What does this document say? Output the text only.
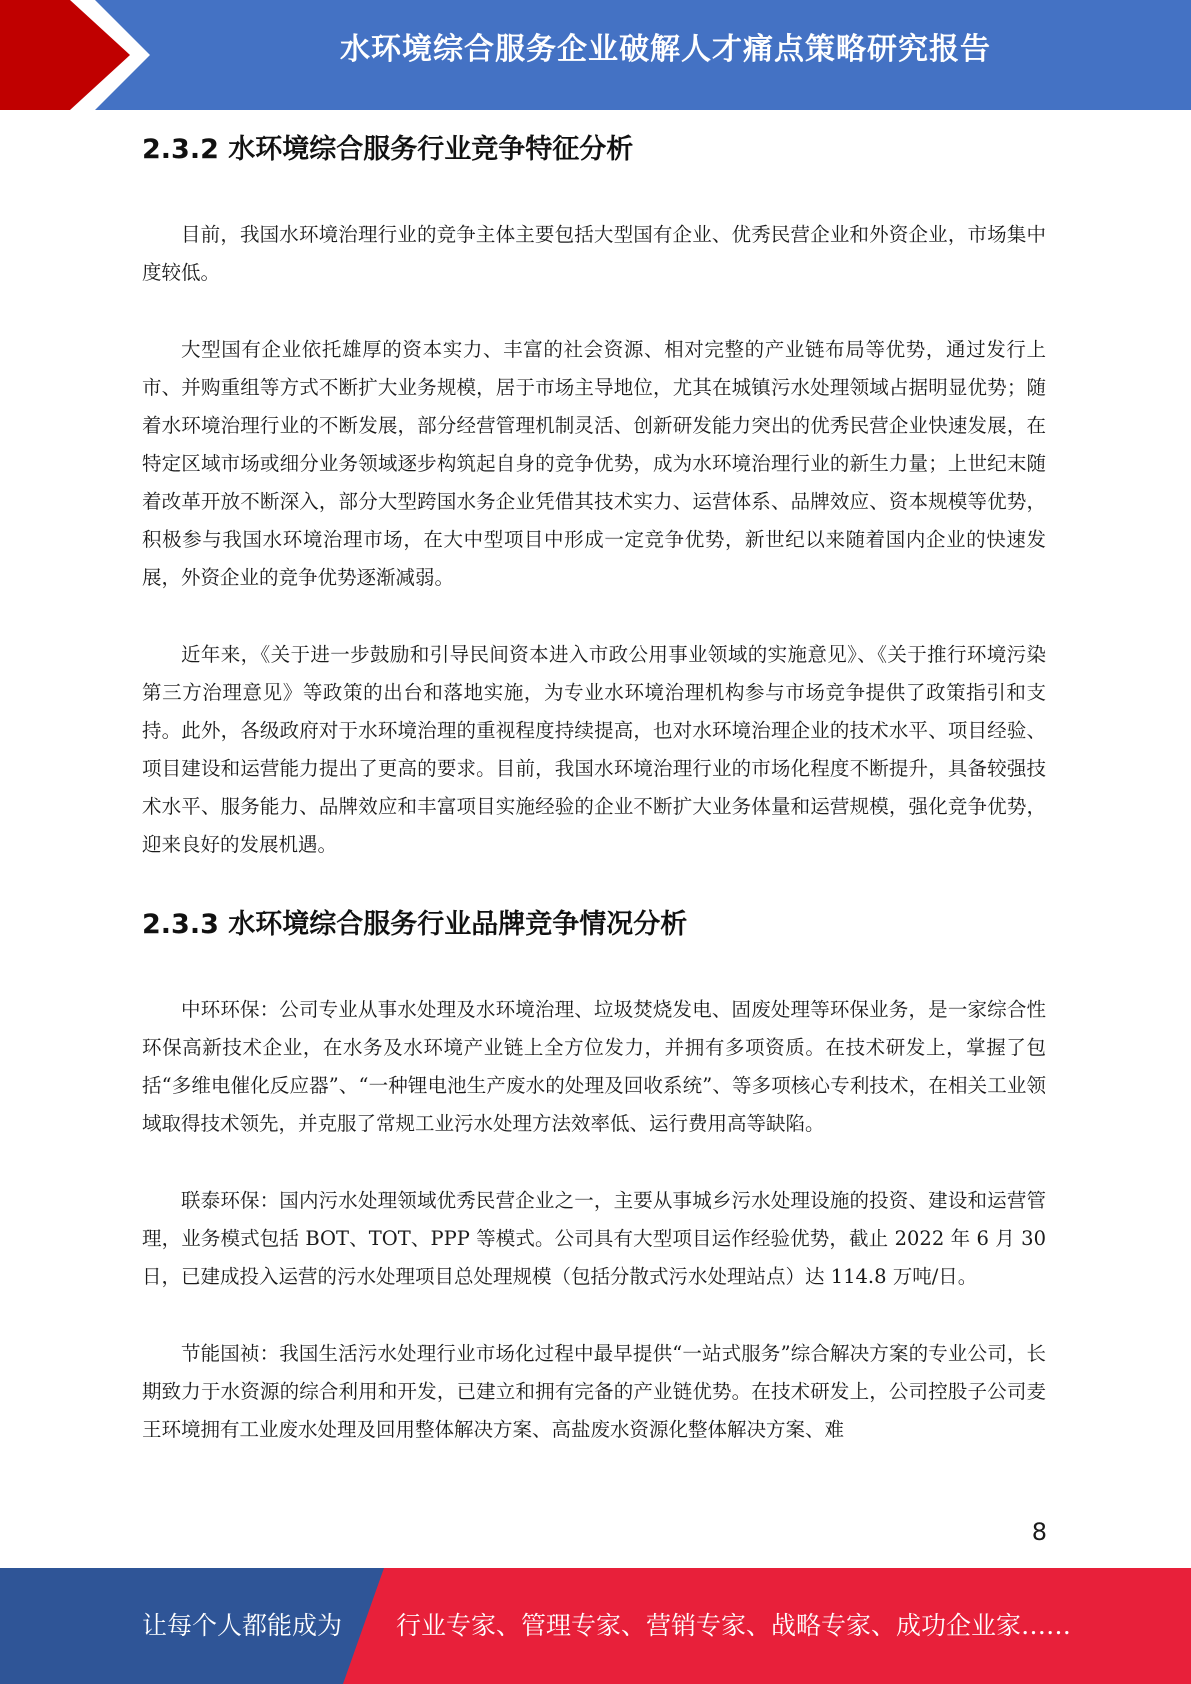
水环境综合服务企业破解人才痛点策略研究报告
2.3.2 水环境综合服务行业竞争特征分析

目前，我国水环境治理行业的竞争主体主要包括大型国有企业、优秀民营企业和外资企业，市场集中度较低。

大型国有企业依托雄厚的资本实力、丰富的社会资源、相对完整的产业链布局等优势，通过发行上市、并购重组等方式不断扩大业务规模，居于市场主导地位，尤其在城镇污水处理领域占据明显优势；随着水环境治理行业的不断发展，部分经营管理机制灵活、创新研发能力突出的优秀民营企业快速发展，在特定区域市场或细分业务领域逐步构筑起自身的竞争优势，成为水环境治理行业的新生力量；上世纪末随着改革开放不断深入，部分大型跨国水务企业凭借其技术实力、运营体系、品牌效应、资本规模等优势，积极参与我国水环境治理市场，在大中型项目中形成一定竞争优势，新世纪以来随着国内企业的快速发展，外资企业的竞争优势逐渐减弱。

近年来，《关于进一步鼓励和引导民间资本进入市政公用事业领域的实施意见》、《关于推行环境污染第三方治理意见》等政策的出台和落地实施，为专业水环境治理机构参与市场竞争提供了政策指引和支持。此外，各级政府对于水环境治理的重视程度持续提高，也对水环境治理企业的技术水平、项目经验、项目建设和运营能力提出了更高的要求。目前，我国水环境治理行业的市场化程度不断提升，具备较强技术水平、服务能力、品牌效应和丰富项目实施经验的企业不断扩大业务体量和运营规模，强化竞争优势，迎来良好的发展机遇。

2.3.3 水环境综合服务行业品牌竞争情况分析

中环环保：公司专业从事水处理及水环境治理、垃圾焚烧发电、固废处理等环保业务，是一家综合性环保高新技术企业，在水务及水环境产业链上全方位发力，并拥有多项资质。在技术研发上，掌握了包括“多维电催化反应器”、“一种锂电池生产废水的处理及回收系统”、等多项核心专利技术，在相关工业领域取得技术领先，并克服了常规工业污水处理方法效率低、运行费用高等缺陷。

联泰环保：国内污水处理领域优秀民营企业之一，主要从事城乡污水处理设施的投资、建设和运营管理，业务模式包括 BOT、TOT、PPP 等模式。公司具有大型项目运作经验优势，截止 2022 年 6 月 30 日，已建成投入运营的污水处理项目总处理规模（包括分散式污水处理站点）达 114.8 万吨/日。

节能国祯：我国生活污水处理行业市场化过程中最早提供“一站式服务”综合解决方案的专业公司，长期致力于水资源的综合利用和开发，已建立和拥有完备的产业链优势。在技术研发上，公司控股子公司麦王环境拥有工业废水处理及回用整体解决方案、高盐废水资源化整体解决方案、难

8
让每个人都能成为 行业专家、管理专家、营销专家、战略专家、成功企业家……
